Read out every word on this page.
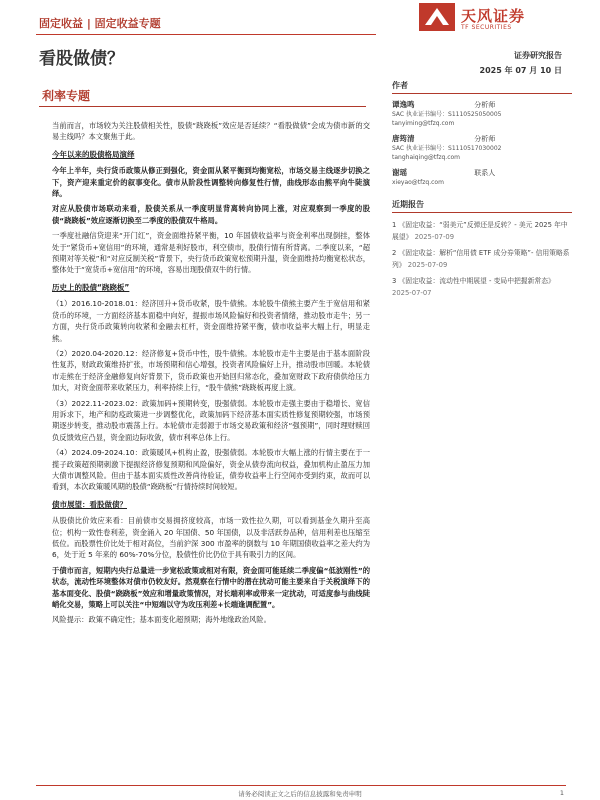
固定收益 | 固定收益专题	天风证券
TF SECURITIES
看股做债？	证券研究报告
2025 年 07 月 10 日
利率专题

当前而言，市场较为关注股债相关性，股债“跷跷板”效应是否延续？“看股做债”会成为债市新的交易主线吗？本文聚焦于此。

今年以来的股债格局演绎

今年上半年，央行货币政策从修正到强化，资金面从紧平衡到均衡宽松，市场交易主线逐步切换之下，资产迎来重定价的叙事变化。债市从阶段性调整转向修复性行情，曲线形态由熊平向牛陡演绎。

对应从股债市场联动来看，股债关系从一季度明显背离转向协同上涨，对应观察到一季度的股债“跷跷板”效应逐渐切换至二季度的股债双牛格局。

一季度社融信贷迎来“开门红”，资金面维持紧平衡，10 年国债收益率与资金利率出现倒挂，整体处于“紧货币+宽信用”的环境，通常是利好股市，利空债市，股债行情有所背离。二季度以来，“超预期对等关税”和“对应反制关税”背景下，央行货币政策宽松预期升温，资金面维持均衡宽松状态，整体处于“宽货币+宽信用”的环境，容易出现股债双牛的行情。

历史上的股债“跷跷板”

（1）2016.10-2018.01：经济回升+货币收紧，股牛债熊。本轮股牛债熊主要产生于宽信用和紧货币的环境，一方面经济基本面稳中向好，提振市场风险偏好和投资者情绪，推动股市走牛；另一方面，央行货币政策转向收紧和金融去杠杆，资金面维持紧平衡，债市收益率大幅上行，明显走熊。

（2）2020.04-2020.12：经济修复+货币中性，股牛债熊。本轮股市走牛主要是由于基本面阶段性复苏，财政政策维持扩张，市场预期和信心增强，投资者风险偏好上升，推动股市回暖。本轮债市走熊在于经济金融修复向好背景下，货币政策也开始回归常态化，叠加宽财政下政府债供给压力加大，对资金面带来收紧压力，利率持续上行，“股牛债熊”跷跷板再度上演。

（3）2022.11-2023.02：政策加码+预期转变，股强债弱。本轮股市走强主要由于稳增长、宽信用诉求下，地产和防疫政策进一步调整优化，政策加码下经济基本面实质性修复预期较强，市场预期逐步转变，推动股市震荡上行。本轮债市走弱源于市场交易政策和经济“强预期”，同时理财赎回负反馈效应凸显，资金面边际收敛，债市利率总体上行。

（4）2024.09-2024.10：政策暖风+机构止盈，股强债弱。本轮股市大幅上涨的行情主要在于一揽子政策超预期刺激下提振经济修复预期和风险偏好，资金从债券流向权益，叠加机构止盈压力加大债市调整风险。但由于基本面实质性改善尚待验证，债券收益率上行空间亦受到约束，故而可以看到，本次政策暖风期的股债“跷跷板”行情持续时间较短。

债市展望：看股做债？

从股债比价效应来看：目前债市交易拥挤度较高，市场一致性拉久期，可以看到基金久期升至高位；机构一致性卷利差，资金涌入 20 年国债、50 年国债，以及非活跃券品种，信用利差也压缩至低位。而股票性价比处于相对高位，当前沪深 300 市盈率的倒数与 10 年期国债收益率之差大约为 6，处于近 5 年来的 60%-70%分位，股债性价比仍位于具有吸引力的区间。

于债市而言，短期内央行总量进一步宽松政策或相对有限，资金面可能延续二季度偏“低波刚性”的状态，流动性环境整体对债市仍较友好。然观察在行情中的潜在扰动可能主要来自于关税演绎下的基本面变化、股债“跷跷板”效应和增量政策情况，对长端利率或带来一定扰动，可适度参与曲线陡峭化交易，策略上可以关注“中短端以守为攻压利差+长端逢调配置”。

风险提示：政策不确定性；基本面变化超预期；海外地缘政治风险。

作者
谭逸鸣	分析师
SAC 执业证书编号：S1110525050005
tanyiming@tfzq.com
唐筠清	分析师
SAC 执业证书编号：S1110517030002
tanghaiqing@tfzq.com
谢瑶	联系人
xieyao@tfzq.com
近期报告
1 《固定收益：“弱美元”反弹还是反转？- 美元 2025 年中展望》 2025-07-09
2 《固定收益：解析“信用债 ETF 成分券策略”- 信用策略系列》 2025-07-09
3 《固定收益：流动性中期展望 - 变局中把握新常态》 2025-07-07
请务必阅读正文之后的信息披露和免责申明	1
